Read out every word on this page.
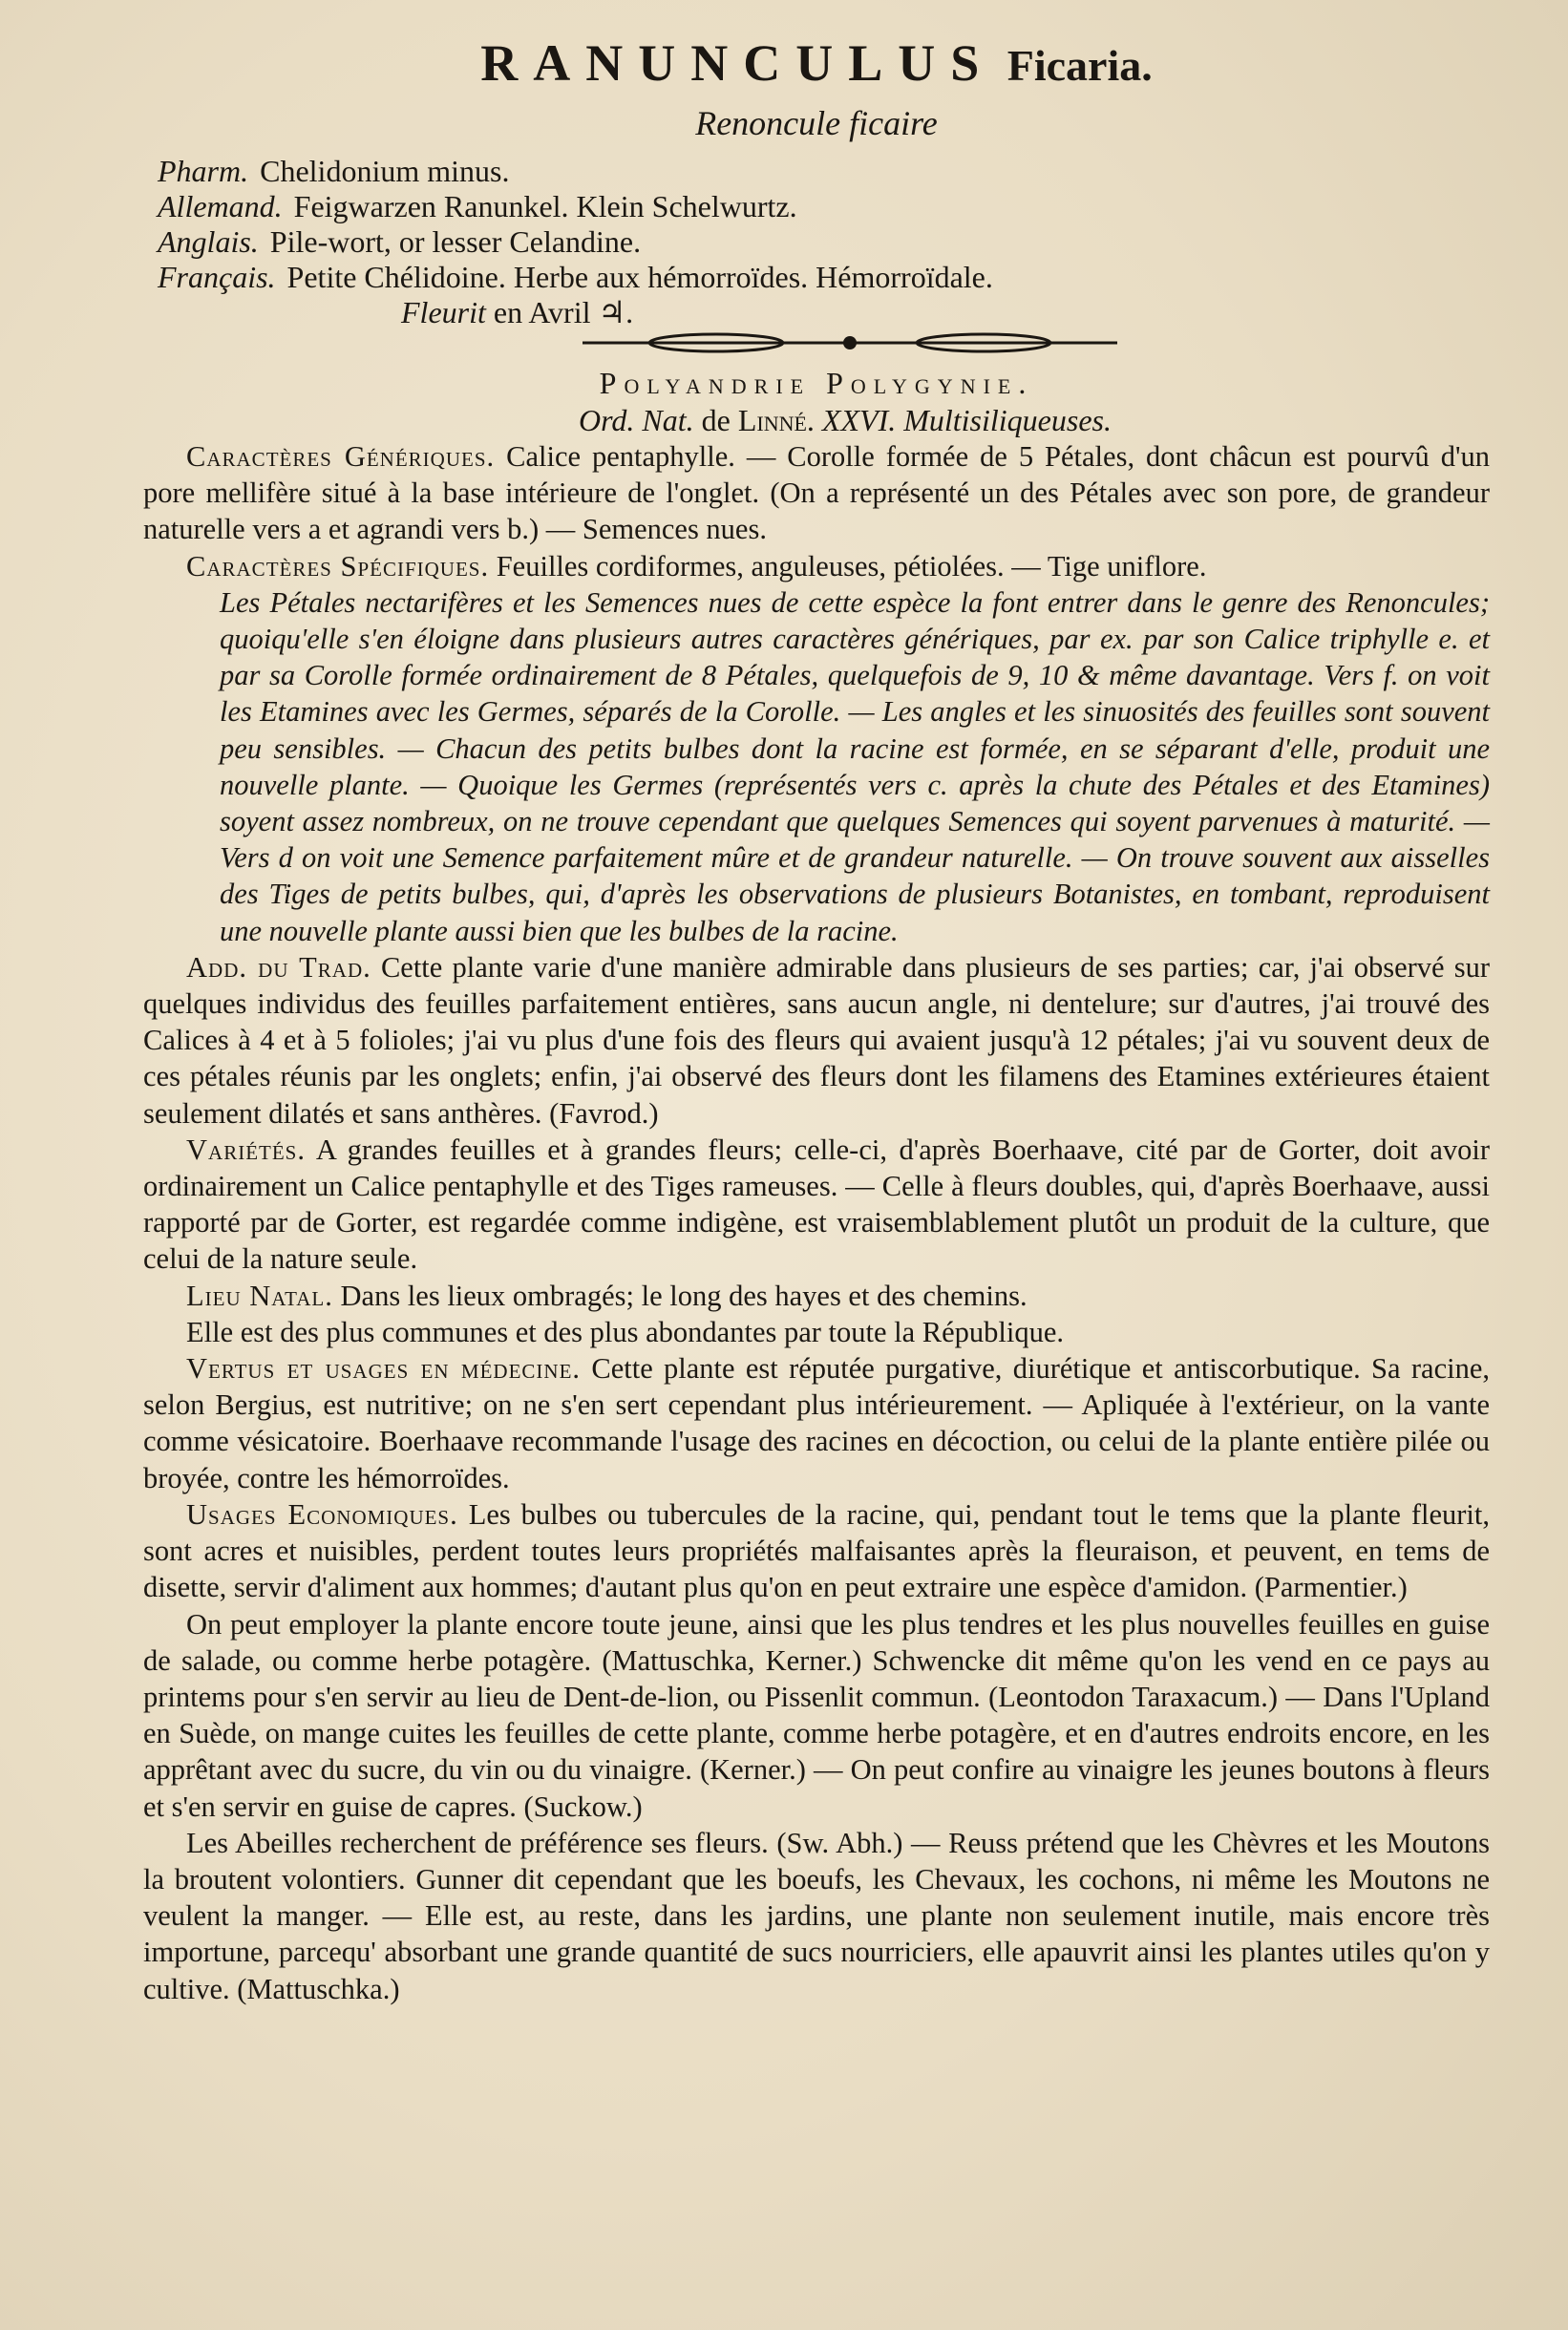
RANUNCULUS Ficaria.
Renoncule ficaire
Pharm. Chelidonium minus.
Allemand. Feigwarzen Ranunkel. Klein Schelwurtz.
Anglais. Pile-wort, or lesser Celandine.
Français. Petite Chélidoine. Herbe aux hémorroïdes. Hémorroïdale.
Fleurit en Avril ♃.
Polyandrie Polygynie.
Ord. Nat. de Linné. XXVI. Multisiliqueuses.

Caractères Génériques. Calice pentaphylle. — Corolle formée de 5 Pétales, dont châcun est pourvû d'un pore mellifère situé à la base intérieure de l'onglet. (On a représenté un des Pétales avec son pore, de grandeur naturelle vers a et agrandi vers b.) — Semences nues.

Caractères Spécifiques. Feuilles cordiformes, anguleuses, pétiolées. — Tige uniflore.

Les Pétales nectarifères et les Semences nues de cette espèce la font entrer dans le genre des Renoncules; quoiqu'elle s'en éloigne dans plusieurs autres caractères génériques, par ex. par son Calice triphylle e. et par sa Corolle formée ordinairement de 8 Pétales, quelquefois de 9, 10 & même davantage. Vers f. on voit les Etamines avec les Germes, séparés de la Corolle. — Les angles et les sinuosités des feuilles sont souvent peu sensibles. — Chacun des petits bulbes dont la racine est formée, en se séparant d'elle, produit une nouvelle plante. — Quoique les Germes (représentés vers c. après la chute des Pétales et des Etamines) soyent assez nombreux, on ne trouve cependant que quelques Semences qui soyent parvenues à maturité. — Vers d on voit une Semence parfaitement mûre et de grandeur naturelle. — On trouve souvent aux aisselles des Tiges de petits bulbes, qui, d'après les observations de plusieurs Botanistes, en tombant, reproduisent une nouvelle plante aussi bien que les bulbes de la racine.

Add. du Trad. Cette plante varie d'une manière admirable dans plusieurs de ses parties; car, j'ai observé sur quelques individus des feuilles parfaitement entières, sans aucun angle, ni dentelure; sur d'autres, j'ai trouvé des Calices à 4 et à 5 folioles; j'ai vu plus d'une fois des fleurs qui avaient jusqu'à 12 pétales; j'ai vu souvent deux de ces pétales réunis par les onglets; enfin, j'ai observé des fleurs dont les filamens des Etamines extérieures étaient seulement dilatés et sans anthères. (Favrod.)

Variétés. A grandes feuilles et à grandes fleurs; celle-ci, d'après Boerhaave, cité par de Gorter, doit avoir ordinairement un Calice pentaphylle et des Tiges rameuses. — Celle à fleurs doubles, qui, d'après Boerhaave, aussi rapporté par de Gorter, est regardée comme indigène, est vraisemblablement plutôt un produit de la culture, que celui de la nature seule.

Lieu Natal. Dans les lieux ombragés; le long des hayes et des chemins.

Elle est des plus communes et des plus abondantes par toute la République.

Vertus et usages en médecine. Cette plante est réputée purgative, diurétique et antiscorbutique. Sa racine, selon Bergius, est nutritive; on ne s'en sert cependant plus intérieurement. — Apliquée à l'extérieur, on la vante comme vésicatoire. Boerhaave recommande l'usage des racines en décoction, ou celui de la plante entière pilée ou broyée, contre les hémorroïdes.

Usages Economiques. Les bulbes ou tubercules de la racine, qui, pendant tout le tems que la plante fleurit, sont acres et nuisibles, perdent toutes leurs propriétés malfaisantes après la fleuraison, et peuvent, en tems de disette, servir d'aliment aux hommes; d'autant plus qu'on en peut extraire une espèce d'amidon. (Parmentier.)

On peut employer la plante encore toute jeune, ainsi que les plus tendres et les plus nouvelles feuilles en guise de salade, ou comme herbe potagère. (Mattuschka, Kerner.) Schwencke dit même qu'on les vend en ce pays au printems pour s'en servir au lieu de Dent-de-lion, ou Pissenlit commun. (Leontodon Taraxacum.) — Dans l'Upland en Suède, on mange cuites les feuilles de cette plante, comme herbe potagère, et en d'autres endroits encore, en les apprêtant avec du sucre, du vin ou du vinaigre. (Kerner.) — On peut confire au vinaigre les jeunes boutons à fleurs et s'en servir en guise de capres. (Suckow.)

Les Abeilles recherchent de préférence ses fleurs. (Sw. Abh.) — Reuss prétend que les Chèvres et les Moutons la broutent volontiers. Gunner dit cependant que les boeufs, les Chevaux, les cochons, ni même les Moutons ne veulent la manger. — Elle est, au reste, dans les jardins, une plante non seulement inutile, mais encore très importune, parcequ' absorbant une grande quantité de sucs nourriciers, elle apauvrit ainsi les plantes utiles qu'on y cultive. (Mattuschka.)
